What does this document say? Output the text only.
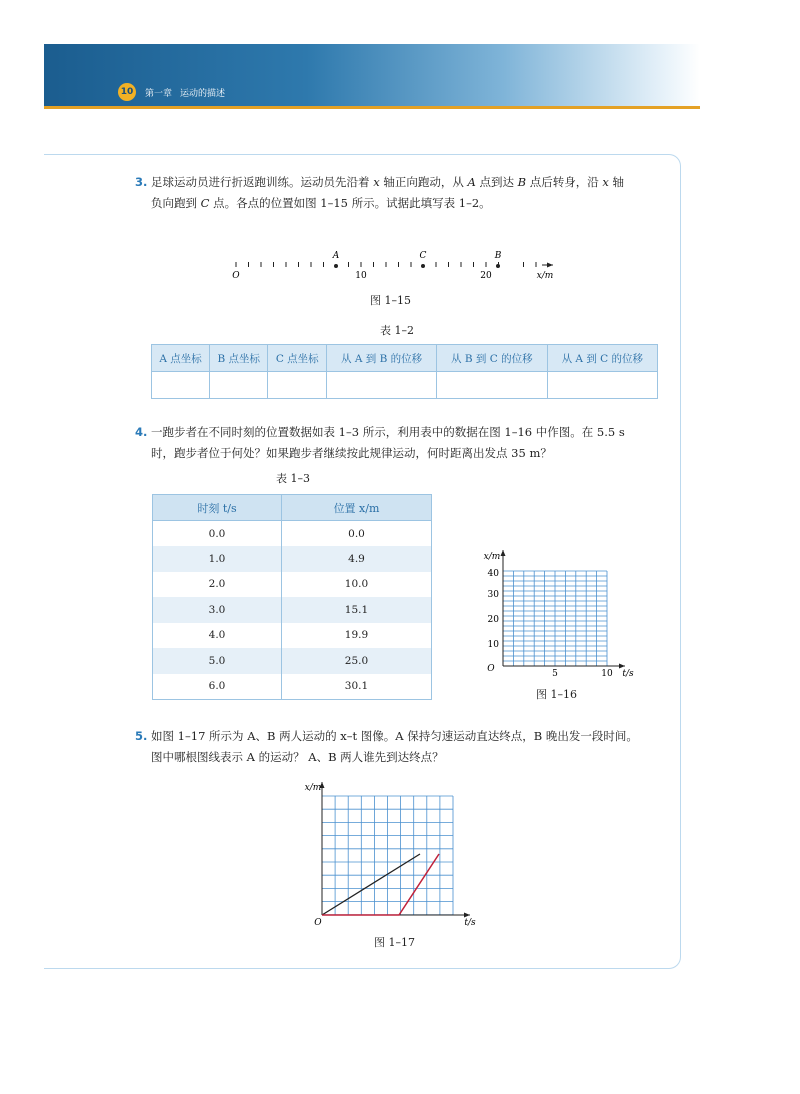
10	第一章 运动的描述
3. 足球运动员进行折返跑训练。运动员先沿着 x 轴正向跑动，从 A 点到达 B 点后转身，沿 x 轴
负向跑到 C 点。各点的位置如图 1–15 所示。试据此填写表 1–2。
A	C	B
O	10	20	x/m
图 1–15
表 1–2
A 点坐标	B 点坐标	C 点坐标	从 A 到 B 的位移	从 B 到 C 的位移	从 A 到 C 的位移

4. 一跑步者在不同时刻的位置数据如表 1–3 所示，利用表中的数据在图 1–16 中作图。在 5.5 s
时，跑步者位于何处？如果跑步者继续按此规律运动，何时距离出发点 35 m？
表 1–3
时刻 t/s	位置 x/m
0.0	0.0
1.0	4.9
2.0	10.0
3.0	15.1
4.0	19.9
5.0	25.0
6.0	30.1
x/m
t/s
O
10
20
30
40
5	10
图 1–16
5. 如图 1–17 所示为 A、B 两人运动的 x–t 图像。A 保持匀速运动直达终点，B 晚出发一段时间。
图中哪根图线表示 A 的运动？ A、B 两人谁先到达终点？
x/m
t/s
O
图 1–17
